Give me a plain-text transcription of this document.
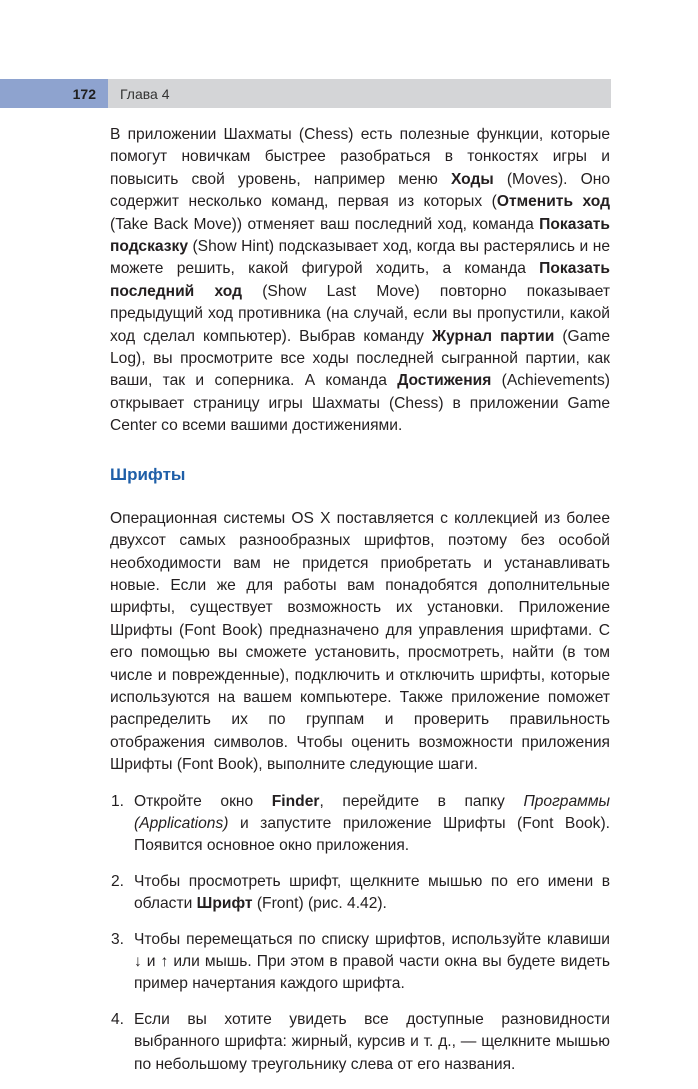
172 Глава 4

В приложении Шахматы (Chess) есть полезные функции, которые помогут новичкам быстрее разобраться в тонкостях игры и повысить свой уровень, например меню Ходы (Moves). Оно содержит несколько команд, первая из которых (Отменить ход (Take Back Move)) отменяет ваш последний ход, команда Показать подсказку (Show Hint) подсказывает ход, когда вы растерялись и не можете решить, какой фигурой ходить, а команда Показать последний ход (Show Last Move) повторно показывает предыдущий ход противника (на случай, если вы пропустили, какой ход сделал компьютер). Выбрав команду Журнал партии (Game Log), вы просмотрите все ходы последней сыгранной партии, как ваши, так и соперника. А команда Достижения (Achievements) открывает страницу игры Шахматы (Chess) в приложении Game Center со всеми вашими достижениями.

Шрифты

Операционная системы OS X поставляется с коллекцией из более двухсот самых разнообразных шрифтов, поэтому без особой необходимости вам не придется приобретать и устанавливать новые. Если же для работы вам понадобятся дополнительные шрифты, существует возможность их установки. Приложение Шрифты (Font Book) предназначено для управления шрифтами. С его помощью вы сможете установить, просмотреть, найти (в том числе и поврежденные), подключить и отключить шрифты, которые используются на вашем компьютере. Также приложение поможет распределить их по группам и проверить правильность отображения символов. Чтобы оценить возможности приложения Шрифты (Font Book), выполните следующие шаги.

1. Откройте окно Finder, перейдите в папку Программы (Applications) и запустите приложение Шрифты (Font Book). Появится основное окно приложения.
2. Чтобы просмотреть шрифт, щелкните мышью по его имени в области Шрифт (Front) (рис. 4.42).
3. Чтобы перемещаться по списку шрифтов, используйте клавиши ↓ и ↑ или мышь. При этом в правой части окна вы будете видеть пример начертания каждого шрифта.
4. Если вы хотите увидеть все доступные разновидности выбранного шрифта: жирный, курсив и т. д., — щелкните мышью по небольшому треугольнику слева от его названия.
